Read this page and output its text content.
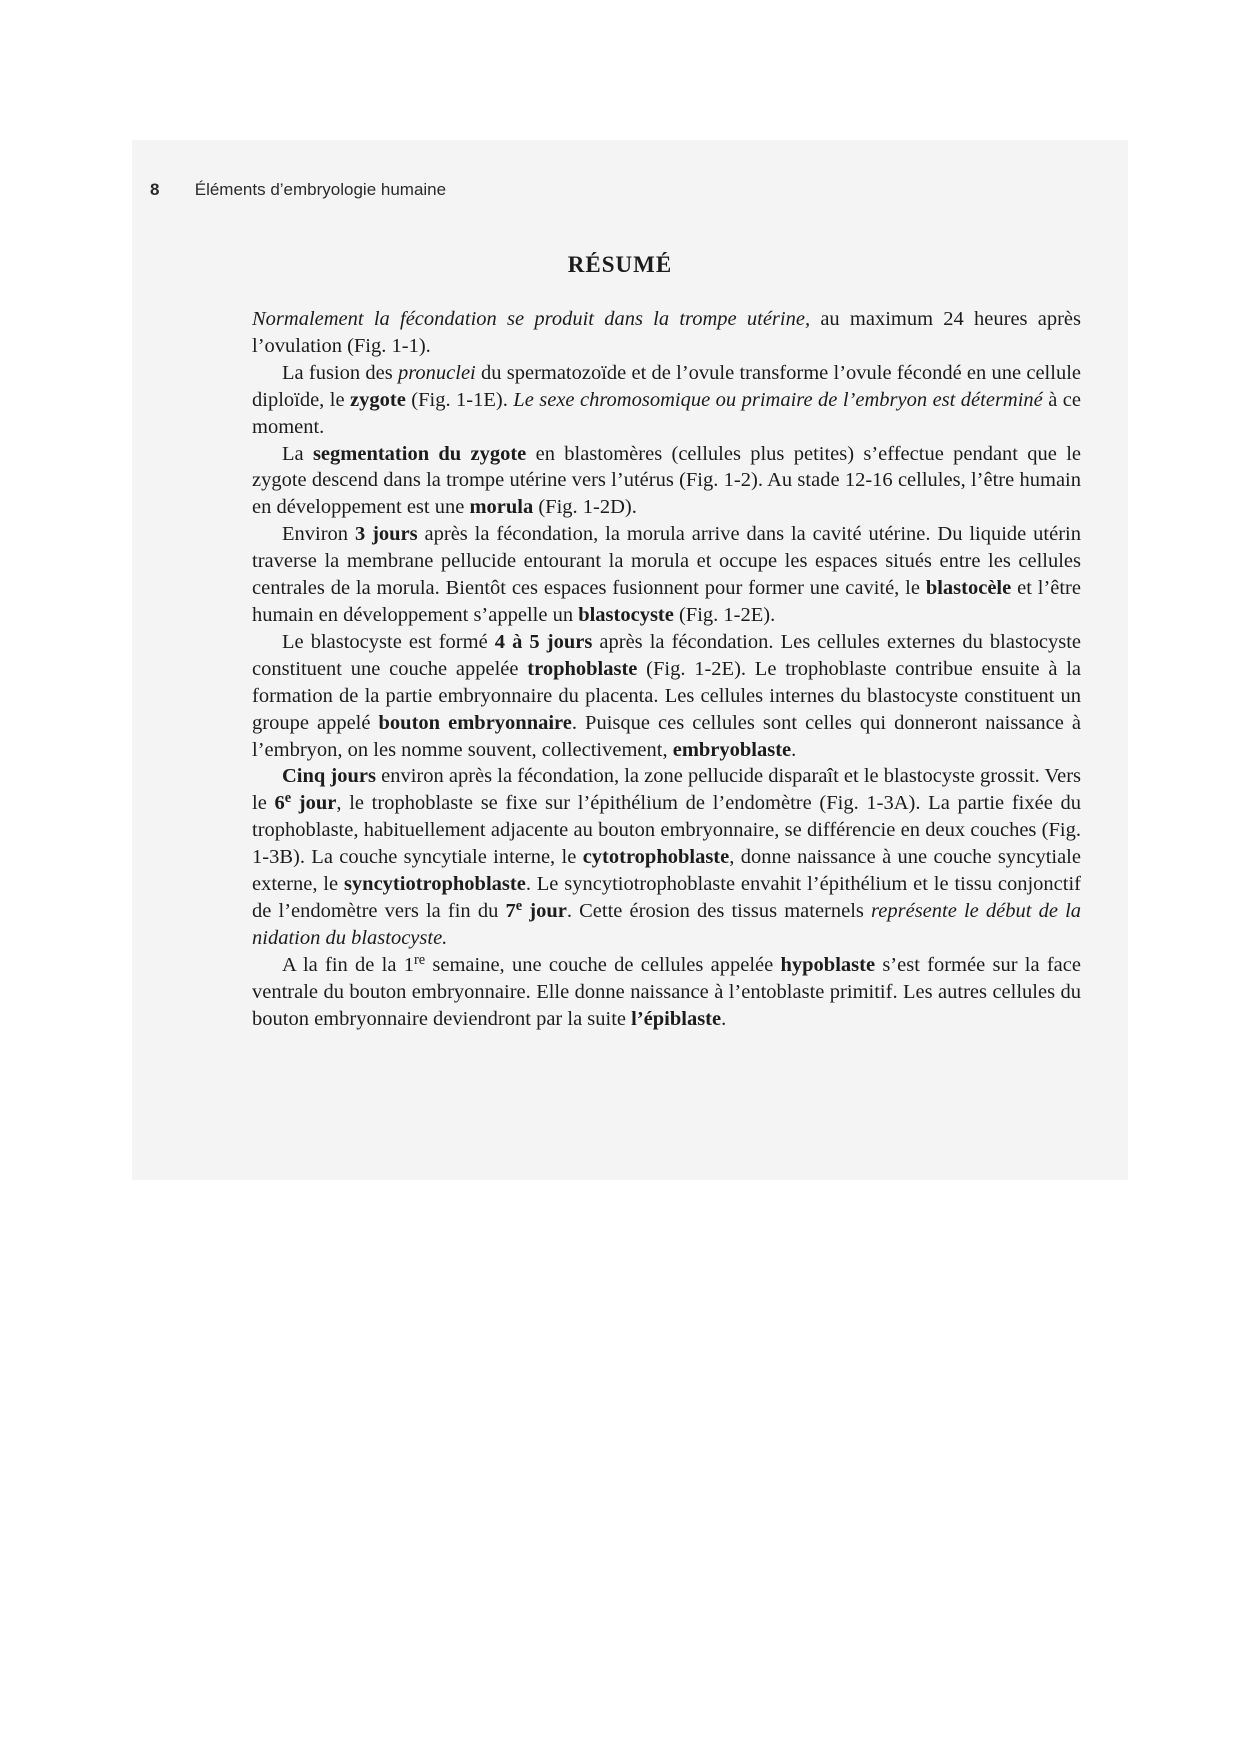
8 Éléments d’embryologie humaine
RÉSUMÉ

Normalement la fécondation se produit dans la trompe utérine, au maximum 24 heures après l’ovulation (Fig. 1-1).

La fusion des pronuclei du spermatozoïde et de l’ovule transforme l’ovule fécondé en une cellule diploïde, le zygote (Fig. 1-1E). Le sexe chromosomique ou primaire de l’embryon est déterminé à ce moment.

La segmentation du zygote en blastomères (cellules plus petites) s’effectue pendant que le zygote descend dans la trompe utérine vers l’utérus (Fig. 1-2). Au stade 12-16 cellules, l’être humain en développement est une morula (Fig. 1-2D).

Environ 3 jours après la fécondation, la morula arrive dans la cavité utérine. Du liquide utérin traverse la membrane pellucide entourant la morula et occupe les espaces situés entre les cellules centrales de la morula. Bientôt ces espaces fusionnent pour former une cavité, le blastocèle et l’être humain en développement s’appelle un blastocyste (Fig. 1-2E).

Le blastocyste est formé 4 à 5 jours après la fécondation. Les cellules externes du blastocyste constituent une couche appelée trophoblaste (Fig. 1-2E). Le trophoblaste contribue ensuite à la formation de la partie embryonnaire du placenta. Les cellules internes du blastocyste constituent un groupe appelé bouton embryonnaire. Puisque ces cellules sont celles qui donneront naissance à l’embryon, on les nomme souvent, collectivement, embryoblaste.

Cinq jours environ après la fécondation, la zone pellucide disparaît et le blastocyste grossit. Vers le 6e jour, le trophoblaste se fixe sur l’épithélium de l’endomètre (Fig. 1-3A). La partie fixée du trophoblaste, habituellement adjacente au bouton embryonnaire, se différencie en deux couches (Fig. 1-3B). La couche syncytiale interne, le cytotrophoblaste, donne naissance à une couche syncytiale externe, le syncytiotrophoblaste. Le syncytiotrophoblaste envahit l’épithélium et le tissu conjonctif de l’endomètre vers la fin du 7e jour. Cette érosion des tissus maternels représente le début de la nidation du blastocyste.

A la fin de la 1re semaine, une couche de cellules appelée hypoblaste s’est formée sur la face ventrale du bouton embryonnaire. Elle donne naissance à l’entoblaste primitif. Les autres cellules du bouton embryonnaire deviendront par la suite l’épiblaste.
